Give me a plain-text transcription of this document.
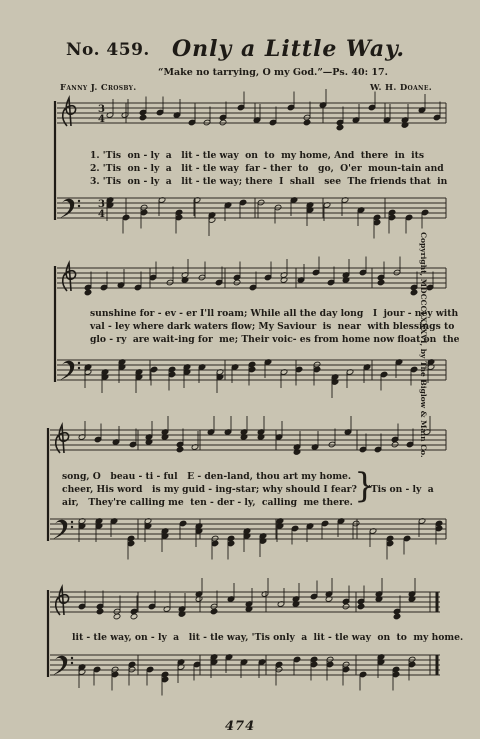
No. 459. Only a Little Way.
“Make no tarrying, O my God.”—Ps. 40: 17.
Fanny J. Crosby.	W. H. Doane.
3
4
3
4
1. 'Tis  on - ly  a   lit - tle way  on  to  my home, And  there  in  its
2. 'Tis  on - ly  a   lit - tle way  far - ther  to   go,  O'er  moun-tain and
3. 'Tis  on - ly  a   lit - tle way; there  I  shall   see  The friends that  in
sunshine for - ev - er I'll roam; While all the day long   I  jour - ney with
val - ley where dark waters flow; My Saviour  is  near  with blessings to
glo - ry  are wait-ing for  me; Their voic- es from home now float on  the
song, O   beau - ti - ful   E - den-land, thou art my home.
cheer, His word   is my guid - ing-star; why should I fear?
air,   They're calling me  ten - der - ly,  calling  me there. }
'Tis on - ly  a
lit - tle way, on - ly  a   lit - tle way, 'Tis only  a  lit - tle way  on  to  my home.
Copyright, MDCCCLXXXVI, by The Biglow & Main Co.
474
